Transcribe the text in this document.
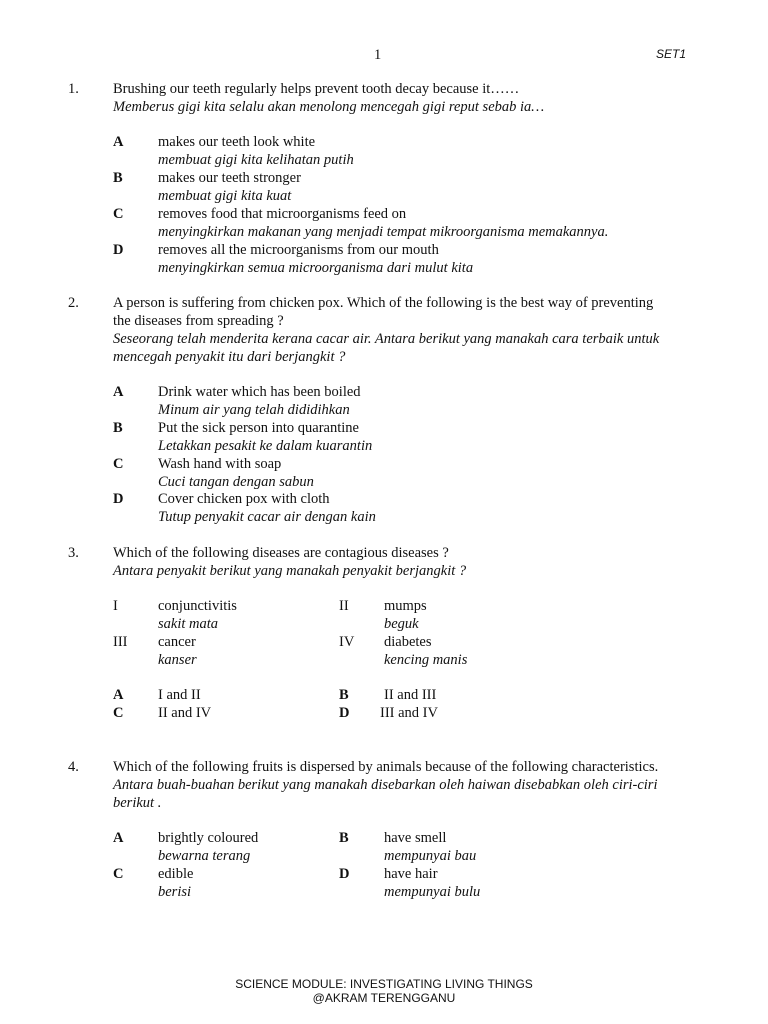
1	SET1
1. Brushing our teeth regularly helps prevent tooth decay because it……
Memberus gigi kita selalu akan menolong mencegah gigi reput sebab ia…
A makes our teeth look white
membuat gigi kita kelihatan putih
B makes our teeth stronger
membuat gigi kita kuat
C removes food that microorganisms feed on
menyingkirkan makanan yang menjadi tempat mikroorganisma memakannya.
D removes all the microorganisms from our mouth
menyingkirkan semua microorganisma dari mulut kita
2. A person is suffering from chicken pox. Which of the following is the best way of preventing
the diseases from spreading ?
Seseorang telah menderita kerana cacar air. Antara berikut yang manakah cara terbaik untuk
mencegah penyakit itu dari berjangkit ?
A Drink water which has been boiled
Minum air yang telah dididihkan
B Put the sick person into quarantine
Letakkan pesakit ke dalam kuarantin
C Wash hand with soap
Cuci tangan dengan sabun
D Cover chicken pox with cloth
Tutup penyakit cacar air dengan kain
3. Which of the following diseases are contagious diseases ?
Antara penyakit berikut yang manakah penyakit berjangkit ?
I	conjunctivitis
sakit mata
II mumps
beguk
III cancer
kanser
IV diabetes
kencing manis
A I and II	B II and III
C II and IV	D III and IV
4. Which of the following fruits is dispersed by animals because of the following characteristics.
Antara buah-buahan berikut yang manakah disebarkan oleh haiwan disebabkan oleh ciri-ciri
berikut .
A brightly coloured
bewarna terang
B have smell
mempunyai bau
C edible
berisi
D have hair
mempunyai bulu
SCIENCE MODULE: INVESTIGATING LIVING THINGS
@AKRAM TERENGGANU
